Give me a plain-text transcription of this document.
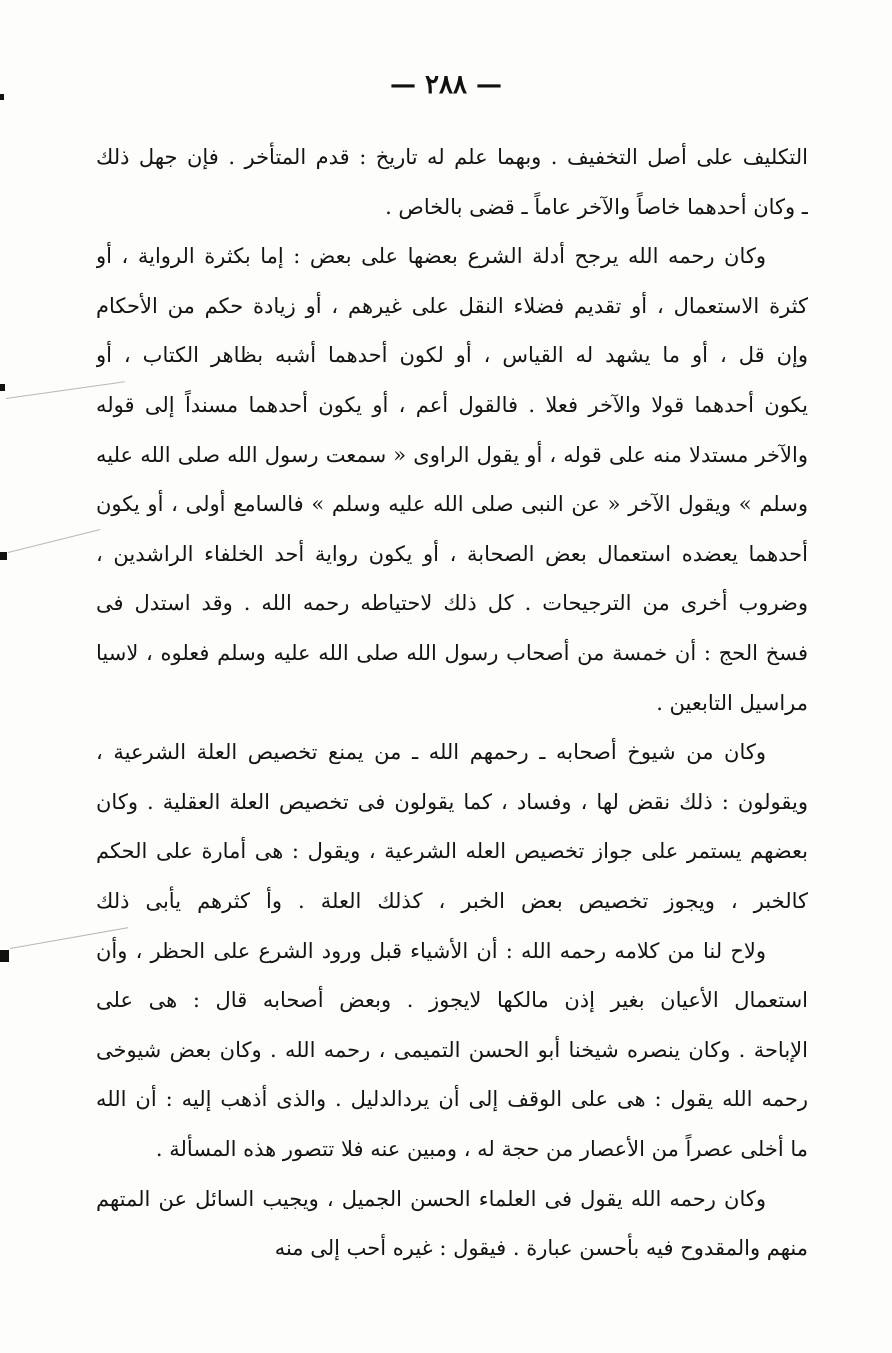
— ٢٨٨ —
التكليف على أصل التخفيف . وبهما علم له تاريخ : قدم المتأخر . فإن جهل ذلك
ـ وكان أحدهما خاصاً والآخر عاماً ـ قضى بالخاص .
وكان رحمه الله يرجح أدلة الشرع بعضها على بعض : إما بكثرة الرواية ، أو
كثرة الاستعمال ، أو تقديم فضلاء النقل على غيرهم ، أو زيادة حكم من الأحكام
وإن قل ، أو ما يشهد له القياس ، أو لكون أحدهما أشبه بظاهر الكتاب ، أو
يكون أحدهما قولا والآخر فعلا . فالقول أعم ، أو يكون أحدهما مسنداً إلى قوله
والآخر مستدلا منه على قوله ، أو يقول الراوى « سمعت رسول الله صلى الله عليه
وسلم » ويقول الآخر « عن النبى صلى الله عليه وسلم » فالسامع أولى ، أو يكون
أحدهما يعضده استعمال بعض الصحابة ، أو يكون رواية أحد الخلفاء الراشدين ،
وضروب أخرى من الترجيحات . كل ذلك لاحتياطه رحمه الله . وقد استدل فى
فسخ الحج : أن خمسة من أصحاب رسول الله صلى الله عليه وسلم فعلوه ، لاسيا
مراسيل التابعين .
وكان من شيوخ أصحابه ـ رحمهم الله ـ من يمنع تخصيص العلة الشرعية ،
ويقولون : ذلك نقض لها ، وفساد ، كما يقولون فى تخصيص العلة العقلية . وكان
بعضهم يستمر على جواز تخصيص العله الشرعية ، ويقول : هى أمارة على الحكم
كالخبر ، ويجوز تخصيص بعض الخبر ، كذلك العلة . وأ كثرهم يأبى ذلك
ولاح لنا من كلامه رحمه الله : أن الأشياء قبل ورود الشرع على الحظر ، وأن
استعمال الأعيان بغير إذن مالكها لايجوز . وبعض أصحابه قال : هى على
الإباحة . وكان ينصره شيخنا أبو الحسن التميمى ، رحمه الله . وكان بعض شيوخى
رحمه الله يقول : هى على الوقف إلى أن يردالدليل . والذى أذهب إليه : أن الله
ما أخلى عصراً من الأعصار من حجة له ، ومبين عنه فلا تتصور هذه المسألة .
وكان رحمه الله يقول فى العلماء الحسن الجميل ، ويجيب السائل عن المتهم
منهم والمقدوح فيه بأحسن عبارة . فيقول : غيره أحب إلى منه
